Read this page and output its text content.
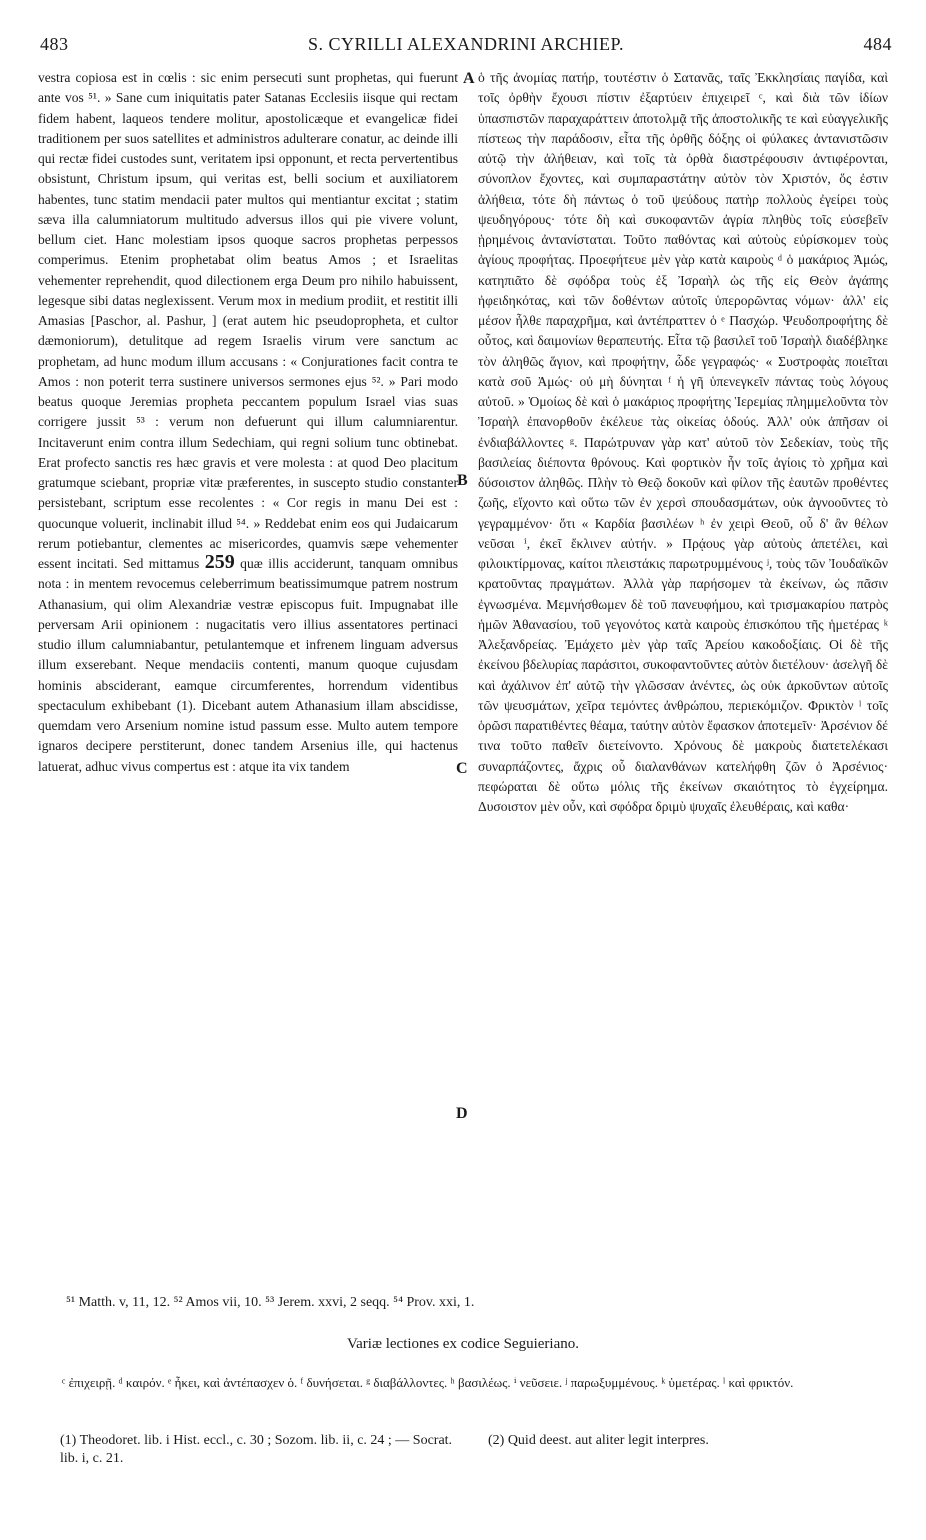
483	S. CYRILLI ALEXANDRINI ARCHIEP.	484

vestra copiosa est in cœlis : sic enim persecuti sunt prophetas, qui fuerunt ante vos ⁵¹. » Sane cum iniquitatis pater Satanas Ecclesiis iisque qui rectam fidem habent, laqueos tendere molitur, apostolicæque et evangelicæ fidei traditionem per suos satellites et administros adulterare conatur, ac deinde illi qui rectæ fidei custodes sunt, veritatem ipsi opponunt, et recta pervertentibus obsistunt, Christum ipsum, qui veritas est, belli socium et auxiliatorem habentes, tunc statim mendacii pater multos qui mentiantur excitat ; statim sæva illa calumniatorum multitudo adversus illos qui pie vivere volunt, bellum ciet. Hanc molestiam ipsos quoque sacros prophetas perpessos comperimus. Etenim prophetabat olim beatus Amos ; et Israelitas vehementer reprehendit, quod dilectionem erga Deum pro nihilo habuissent, legesque sibi datas neglexissent. Verum mox in medium prodiit, et restitit illi Amasias [Paschor, al. Pashur, ] (erat autem hic pseudopropheta, et cultor dæmoniorum), detulitque ad regem Israelis virum vere sanctum ac prophetam, ad hunc modum illum accusans : « Conjurationes facit contra te Amos : non poterit terra sustinere universos sermones ejus ⁵². » Pari modo beatus quoque Jeremias propheta peccantem populum Israel vias suas corrigere jussit ⁵³ : verum non defuerunt qui illum calumniarentur. Incitaverunt enim contra illum Sedechiam, qui regni solium tunc obtinebat. Erat profecto sanctis res hæc gravis et vere molesta : at quod Deo placitum gratumque sciebant, propriæ vitæ præferentes, in suscepto studio constanter persistebant, scriptum esse recolentes : « Cor regis in manu Dei est : quocunque voluerit, inclinabit illud ⁵⁴. » Reddebat enim eos qui Judaicarum rerum potiebantur, clementes ac misericordes, quamvis sæpe vehementer essent incitati. Sed mittamus 259 quæ illis acciderunt, tanquam omnibus nota : in mentem revocemus celeberrimum beatissimumque patrem nostrum Athanasium, qui olim Alexandriæ vestræ episcopus fuit. Impugnabat ille perversam Arii opinionem : nugacitatis vero illius assentatores pertinaci studio illum calumniabantur, petulantemque et infrenem linguam adversus illum exserebant. Neque mendaciis contenti, manum quoque cujusdam hominis absciderant, eamque circumferentes, horrendum videntibus spectaculum exhibebant (1). Dicebant autem Athanasium illam abscidisse, quemdam vero Arsenium nomine istud passum esse. Multo autem tempore ignaros decipere perstiterunt, donec tandem Arsenius ille, qui hactenus latuerat, adhuc vivus compertus est : atque ita vix tandem

A
B
C
D

ὁ τῆς ἀνομίας πατήρ, τουτέστιν ὁ Σατανᾶς, ταῖς Ἐκκλησίαις παγίδα, καὶ τοῖς ὀρθὴν ἔχουσι πίστιν ἐξαρτύειν ἐπιχειρεῖ ᶜ, καὶ διὰ τῶν ἰδίων ὑπασπιστῶν παραχαράττειν ἀποτολμᾷ τῆς ἀποστολικῆς τε καὶ εὐαγγελικῆς πίστεως τὴν παράδοσιν, εἶτα τῆς ὀρθῆς δόξης οἱ φύλακες ἀντανιστῶσιν αὐτῷ τὴν ἀλήθειαν, καὶ τοῖς τὰ ὀρθὰ διαστρέφουσιν ἀντιφέρονται, σύνοπλον ἔχοντες, καὶ συμπαραστάτην αὐτὸν τὸν Χριστόν, ὅς ἐστιν ἀλήθεια, τότε δὴ πάντως ὁ τοῦ ψεύδους πατὴρ πολλοὺς ἐγείρει τοὺς ψευδηγόρους· τότε δὴ καὶ συκοφαντῶν ἀγρία πληθὺς τοῖς εὐσεβεῖν ᾑρημένοις ἀντανίσταται. Τοῦτο παθόντας καὶ αὐτοὺς εὑρίσκομεν τοὺς ἁγίους προφήτας. Προεφήτευε μὲν γὰρ κατὰ καιροὺς ᵈ ὁ μακάριος Ἀμώς, κατηπιᾶτο δὲ σφόδρα τοὺς ἐξ Ἰσραὴλ ὡς τῆς εἰς Θεὸν ἀγάπης ἠφειδηκότας, καὶ τῶν δοθέντων αὐτοῖς ὑπερορῶντας νόμων· ἀλλ' εἰς μέσον ἦλθε παραχρῆμα, καὶ ἀντέπραττεν ὁ ᵉ Πασχώρ. Ψευδοπροφήτης δὲ οὗτος, καὶ δαιμονίων θεραπευτής. Εἶτα τῷ βασιλεῖ τοῦ Ἰσραὴλ διαδέβληκε τὸν ἀληθῶς ἅγιον, καὶ προφήτην, ὧδε γεγραφώς· « Συστροφὰς ποιεῖται κατὰ σοῦ Ἀμώς· οὐ μὴ δύνηται ᶠ ἡ γῆ ὑπενεγκεῖν πάντας τοὺς λόγους αὐτοῦ. » Ὁμοίως δὲ καὶ ὁ μακάριος προφήτης Ἱερεμίας πλημμελοῦντα τὸν Ἰσραὴλ ἐπανορθοῦν ἐκέλευε τὰς οἰκείας ὁδούς. Ἀλλ' οὐκ ἀπῆσαν οἱ ἐνδιαβάλλοντες ᵍ. Παρώτρυναν γὰρ κατ' αὐτοῦ τὸν Σεδεκίαν, τοὺς τῆς βασιλείας διέποντα θρόνους. Καὶ φορτικὸν ἦν τοῖς ἁγίοις τὸ χρῆμα καὶ δύσοιστον ἀληθῶς. Πλὴν τὸ Θεῷ δοκοῦν καὶ φίλον τῆς ἑαυτῶν προθέντες ζωῆς, εἴχοντο καὶ οὕτω τῶν ἐν χερσὶ σπουδασμάτων, οὐκ ἀγνοοῦντες τὸ γεγραμμένον· ὅτι « Καρδία βασιλέων ʰ ἐν χειρὶ Θεοῦ, οὗ δ' ἂν θέλων νεῦσαι ⁱ, ἐκεῖ ἔκλινεν αὐτήν. » Πρᾴους γὰρ αὐτοὺς ἀπετέλει, καὶ φιλοικτίρμονας, καίτοι πλειστάκις παρωτρυμμένους ʲ, τοὺς τῶν Ἰουδαϊκῶν κρατοῦντας πραγμάτων. Ἀλλὰ γὰρ παρήσομεν τὰ ἐκείνων, ὡς πᾶσιν ἐγνωσμένα. Μεμνήσθωμεν δὲ τοῦ πανευφήμου, καὶ τρισμακαρίου πατρὸς ἡμῶν Ἀθανασίου, τοῦ γεγονότος κατὰ καιροὺς ἐπισκόπου τῆς ἡμετέρας ᵏ Ἀλεξανδρείας. Ἐμάχετο μὲν γὰρ ταῖς Ἀρείου κακοδοξίαις. Οἱ δὲ τῆς ἐκείνου βδελυρίας παράσιτοι, συκοφαντοῦντες αὐτὸν διετέλουν· ἀσελγῆ δὲ καὶ ἀχάλινον ἐπ' αὐτῷ τὴν γλῶσσαν ἀνέντες, ὡς οὐκ ἀρκοῦντων αὐτοῖς τῶν ψευσμάτων, χεῖρα τεμόντες ἀνθρώπου, περιεκόμιζον. Φρικτὸν ˡ τοῖς ὁρῶσι παρατιθέντες θέαμα, ταύτην αὐτὸν ἔφασκον ἀποτεμεῖν· Ἀρσένιον δέ τινα τοῦτο παθεῖν διετείνοντο. Χρόνους δὲ μακροὺς διατετελέκασι συναρπάζοντες, ἄχρις οὗ διαλανθάνων κατελήφθη ζῶν ὁ Ἀρσένιος· πεφώραται δὲ οὕτω μόλις τῆς ἐκείνων σκαιότητος τὸ ἐγχείρημα. Δυσοιστον μὲν οὖν, καὶ σφόδρα δριμὺ ψυχαῖς ἐλευθέραις, καὶ καθα·

⁵¹ Matth. v, 11, 12. ⁵² Amos vii, 10. ⁵³ Jerem. xxvi, 2 seqq. ⁵⁴ Prov. xxi, 1.
Variæ lectiones ex codice Seguieriano.
ᶜ ἐπιχειρῇ. ᵈ καιρόν. ᵉ ἦκει, καὶ ἀντέπασχεν ὁ. ᶠ δυνήσεται. ᵍ διαβάλλοντες. ʰ βασιλέως. ⁱ νεῦσειε. ʲ παρωξυμμένους. ᵏ ὑμετέρας. ˡ καὶ φρικτόν.
(1) Theodoret. lib. i Hist. eccl., c. 30 ; Sozom. lib. ii, c. 24 ; — Socrat. lib. i, c. 21.
(2) Quid deest. aut aliter legit interpres.
